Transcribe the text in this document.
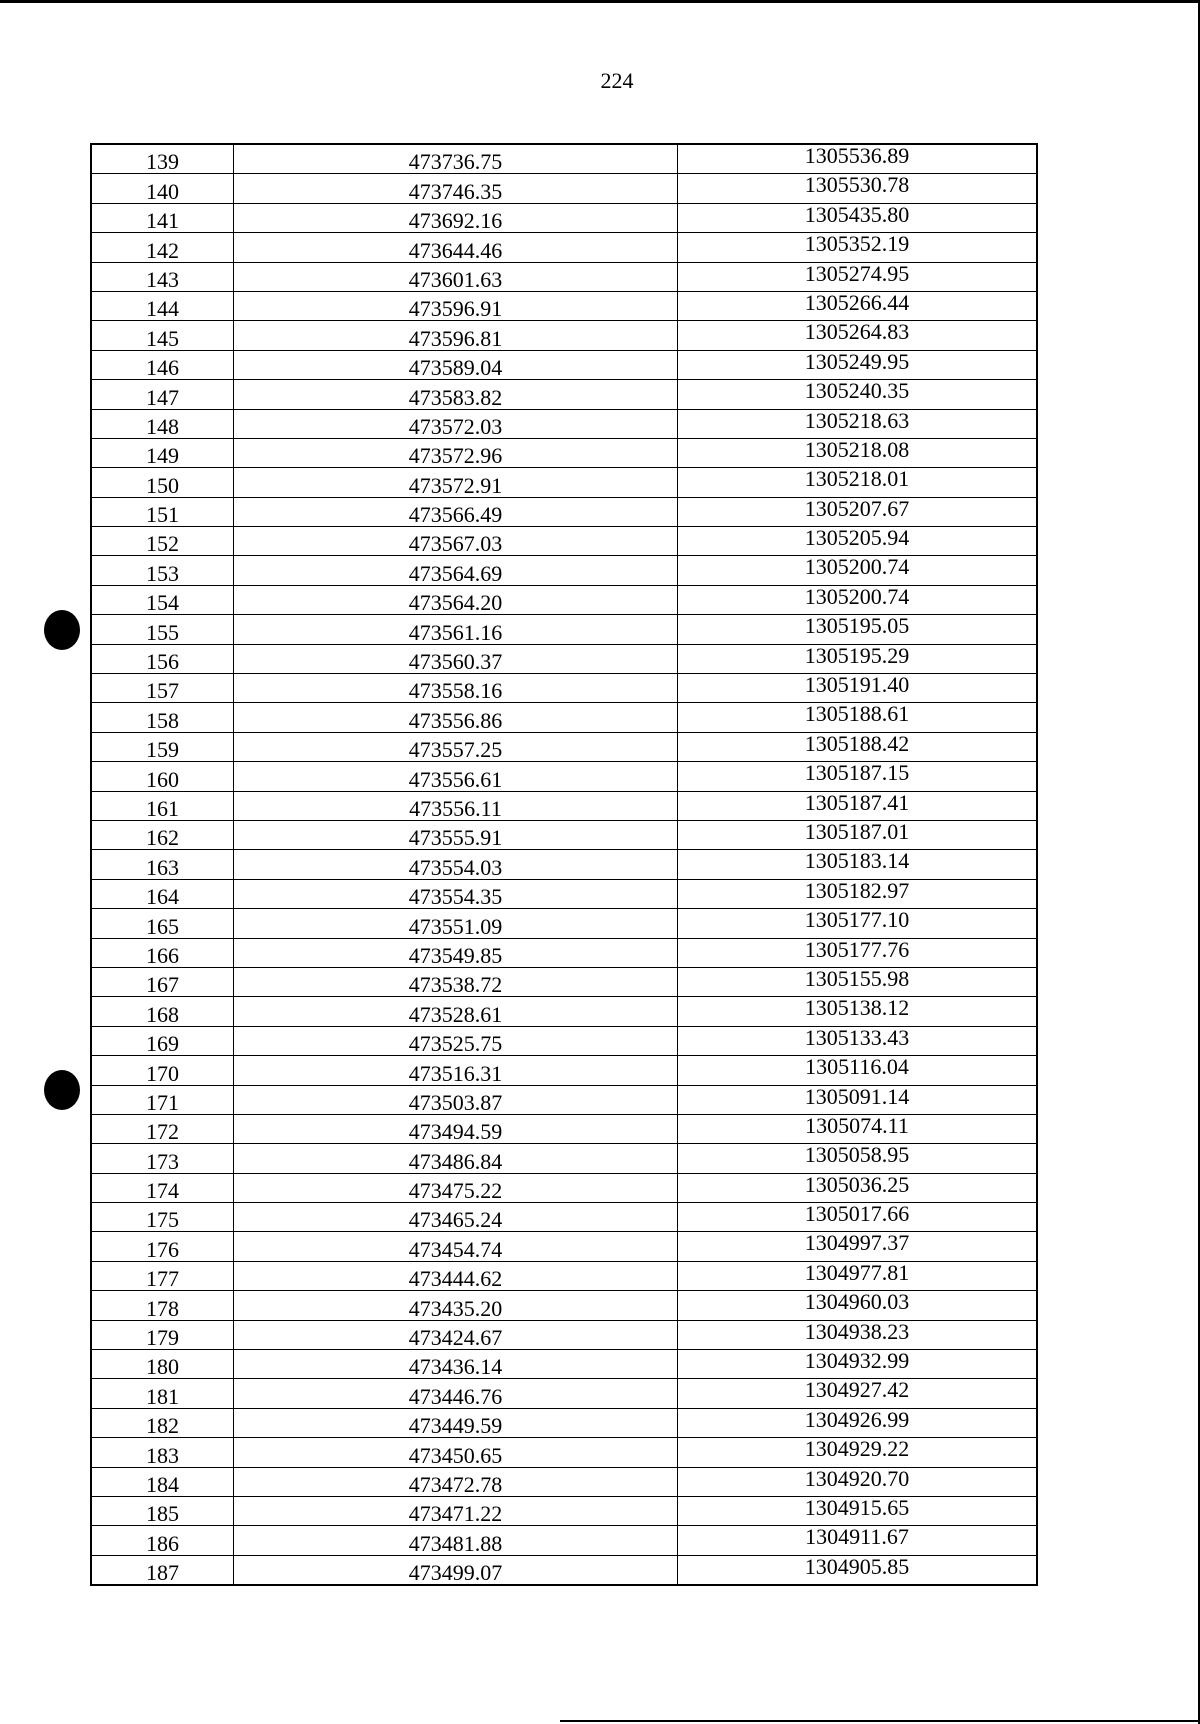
224
139	473736.75	1305536.89
140	473746.35	1305530.78
141	473692.16	1305435.80
142	473644.46	1305352.19
143	473601.63	1305274.95
144	473596.91	1305266.44
145	473596.81	1305264.83
146	473589.04	1305249.95
147	473583.82	1305240.35
148	473572.03	1305218.63
149	473572.96	1305218.08
150	473572.91	1305218.01
151	473566.49	1305207.67
152	473567.03	1305205.94
153	473564.69	1305200.74
154	473564.20	1305200.74
155	473561.16	1305195.05
156	473560.37	1305195.29
157	473558.16	1305191.40
158	473556.86	1305188.61
159	473557.25	1305188.42
160	473556.61	1305187.15
161	473556.11	1305187.41
162	473555.91	1305187.01
163	473554.03	1305183.14
164	473554.35	1305182.97
165	473551.09	1305177.10
166	473549.85	1305177.76
167	473538.72	1305155.98
168	473528.61	1305138.12
169	473525.75	1305133.43
170	473516.31	1305116.04
171	473503.87	1305091.14
172	473494.59	1305074.11
173	473486.84	1305058.95
174	473475.22	1305036.25
175	473465.24	1305017.66
176	473454.74	1304997.37
177	473444.62	1304977.81
178	473435.20	1304960.03
179	473424.67	1304938.23
180	473436.14	1304932.99
181	473446.76	1304927.42
182	473449.59	1304926.99
183	473450.65	1304929.22
184	473472.78	1304920.70
185	473471.22	1304915.65
186	473481.88	1304911.67
187	473499.07	1304905.85
